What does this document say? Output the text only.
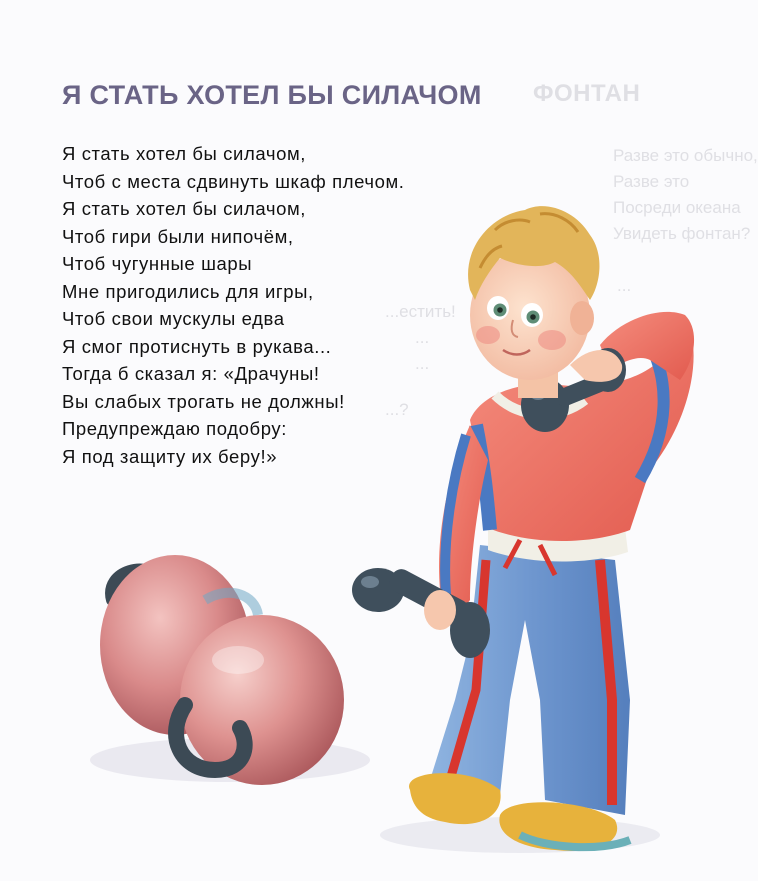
ФОНТАН
Разве это обычно,
Разве это
Посреди океана
Увидеть фонтан?
...
...естить!
...
...
...?
Я СТАТЬ ХОТЕЛ БЫ СИЛАЧОМ
Я стать хотел бы силачом,
Чтоб с места сдвинуть шкаф плечом.
Я стать хотел бы силачом,
Чтоб гири были нипочём,
Чтоб чугунные шары
Мне пригодились для игры,
Чтоб свои мускулы едва
Я смог протиснуть в рукава...
Тогда б сказал я: «Драчуны!
Вы слабых трогать не должны!
Предупреждаю подобру:
Я под защиту их беру!»
